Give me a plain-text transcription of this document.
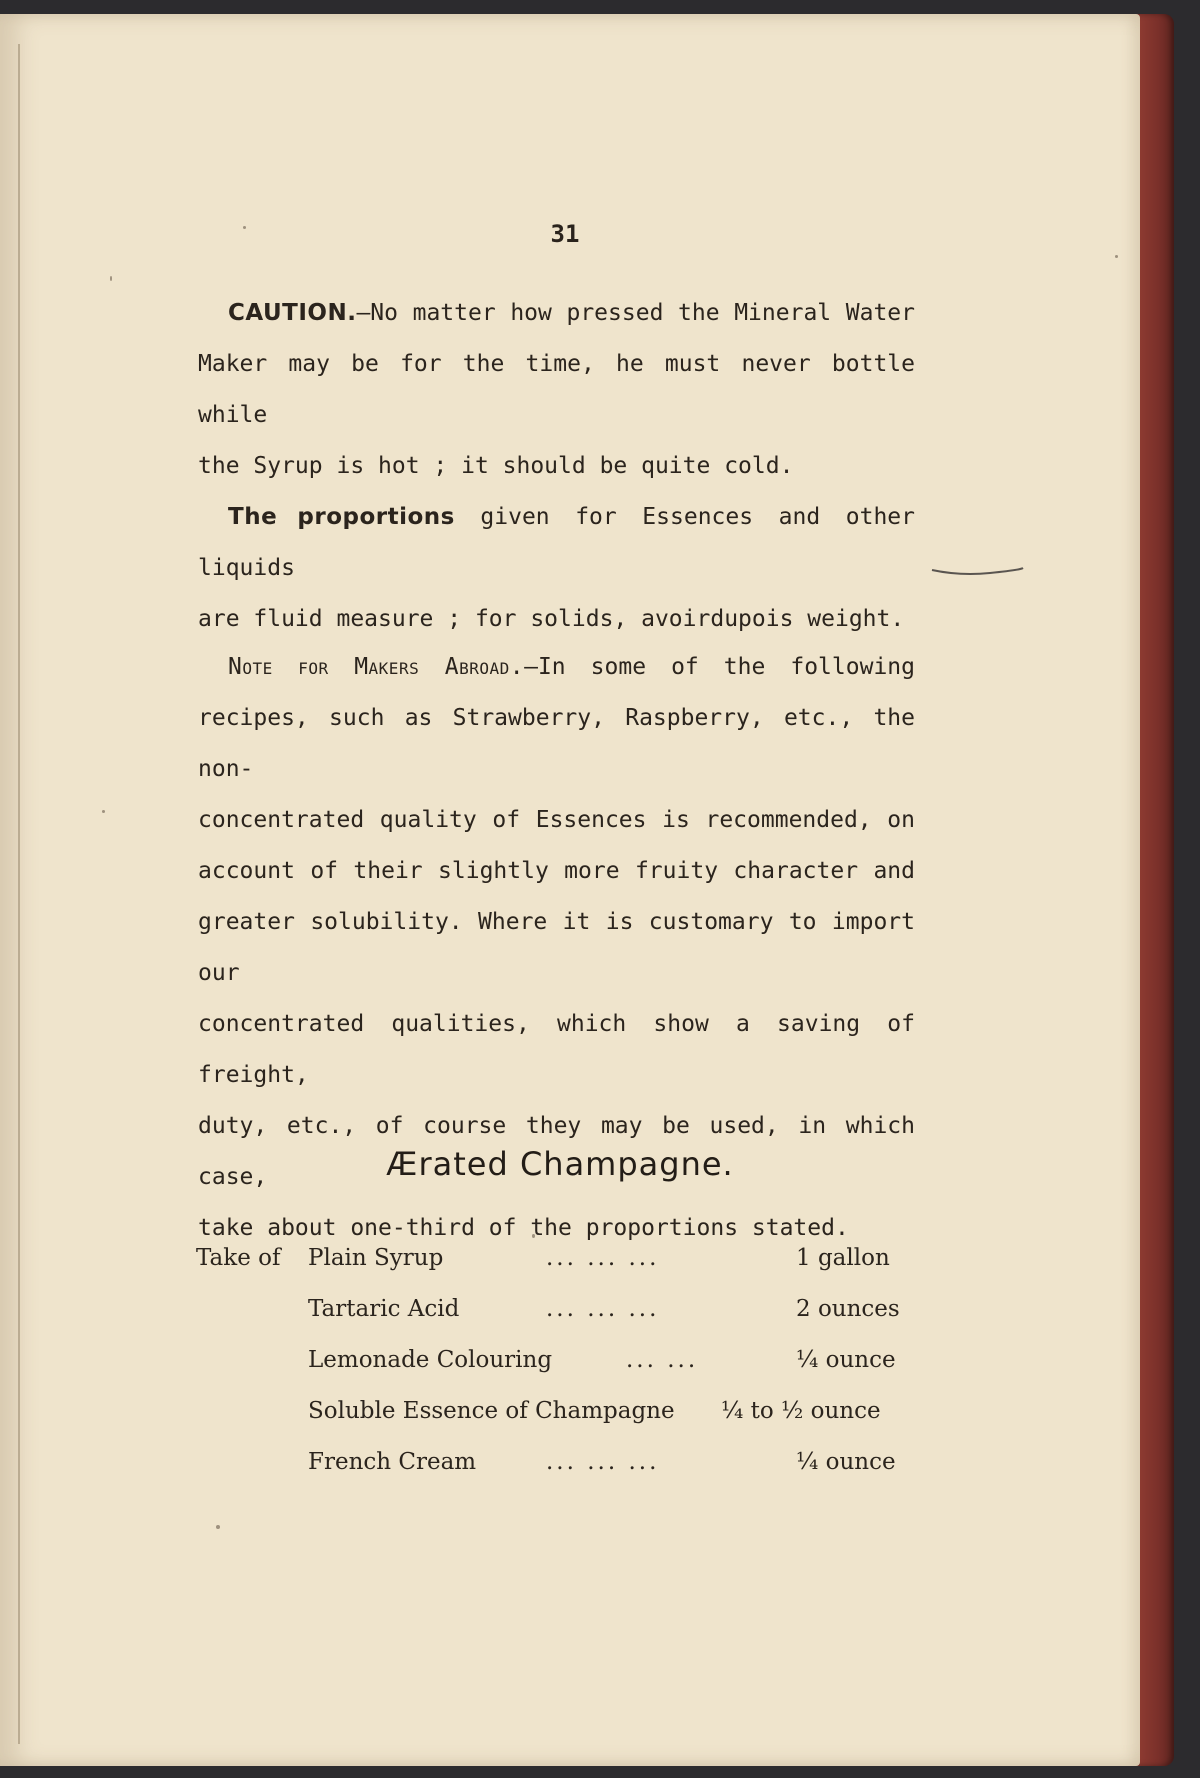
31
CAUTION.—No matter how pressed the Mineral Water
Maker may be for the time, he must never bottle while
the Syrup is hot ; it should be quite cold.
The proportions given for Essences and other liquids
are fluid measure ; for solids, avoirdupois weight.
Note for Makers Abroad.—In some of the following
recipes, such as Strawberry, Raspberry, etc., the non-
concentrated quality of Essences is recommended, on
account of their slightly more fruity character and
greater solubility. Where it is customary to import our
concentrated qualities, which show a saving of freight,
duty, etc., of course they may be used, in which case,
take about one-third of the proportions stated.
Ærated Champagne.
Take of Plain Syrup	... ... ...	1 gallon
Tartaric Acid	... ... ...	2 ounces
Lemonade Colouring	... ...	¼ ounce
Soluble Essence of Champagne ¼ to ½ ounce
French Cream	... ... ...	¼ ounce
